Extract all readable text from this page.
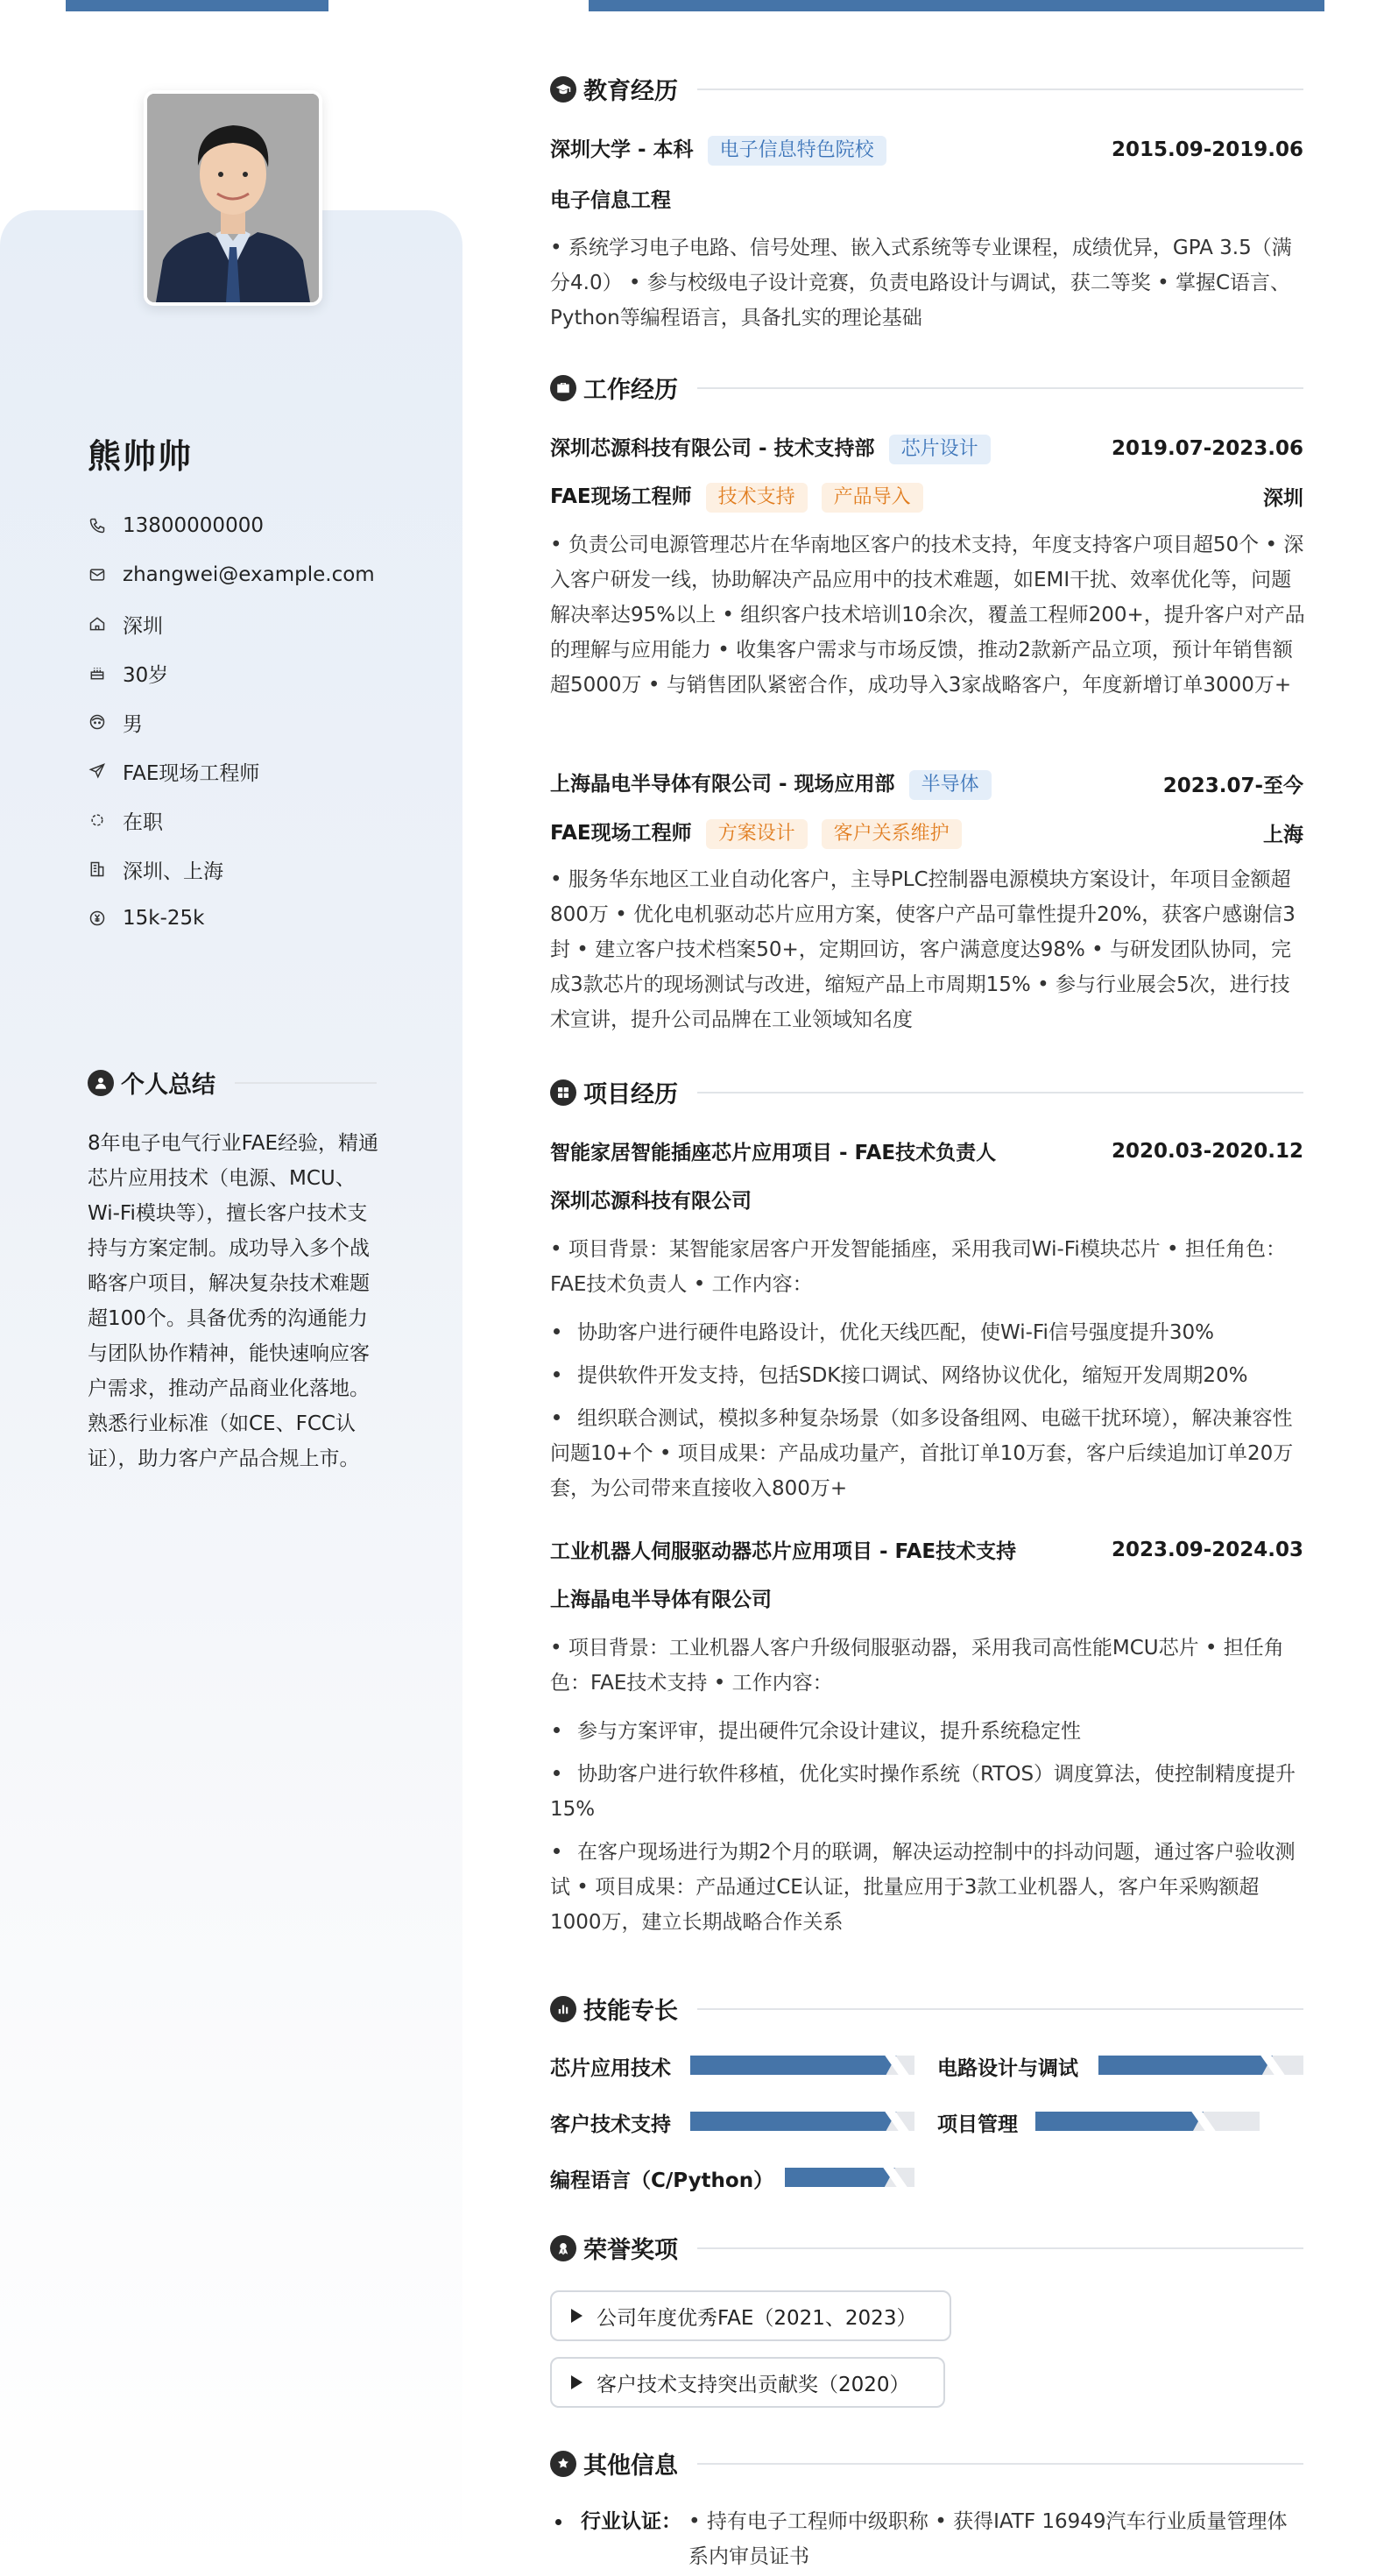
熊帅帅
13800000000
zhangwei@example.com
深圳
30岁
男
FAE现场工程师
在职
深圳、上海
15k-25k
个人总结
8年电子电气行业FAE经验，精通芯片应用技术（电源、MCU、Wi-Fi模块等），擅长客户技术支持与方案定制。成功导入多个战略客户项目，解决复杂技术难题超100个。具备优秀的沟通能力与团队协作精神，能快速响应客户需求，推动产品商业化落地。熟悉行业标准（如CE、FCC认证），助力客户产品合规上市。
教育经历
深圳大学 - 本科 电子信息特色院校	2015.09-2019.06
电子信息工程
• 系统学习电子电路、信号处理、嵌入式系统等专业课程，成绩优异，GPA 3.5（满分4.0） • 参与校级电子设计竞赛，负责电路设计与调试，获二等奖 • 掌握C语言、Python等编程语言，具备扎实的理论基础
工作经历
深圳芯源科技有限公司 - 技术支持部 芯片设计	2019.07-2023.06
FAE现场工程师 技术支持 产品导入	深圳
• 负责公司电源管理芯片在华南地区客户的技术支持，年度支持客户项目超50个 • 深入客户研发一线，协助解决产品应用中的技术难题，如EMI干扰、效率优化等，问题解决率达95%以上 • 组织客户技术培训10余次，覆盖工程师200+，提升客户对产品的理解与应用能力 • 收集客户需求与市场反馈，推动2款新产品立项，预计年销售额超5000万 • 与销售团队紧密合作，成功导入3家战略客户，年度新增订单3000万+
上海晶电半导体有限公司 - 现场应用部 半导体	2023.07-至今
FAE现场工程师 方案设计 客户关系维护	上海
• 服务华东地区工业自动化客户，主导PLC控制器电源模块方案设计，年项目金额超800万 • 优化电机驱动芯片应用方案，使客户产品可靠性提升20%，获客户感谢信3封 • 建立客户技术档案50+，定期回访，客户满意度达98% • 与研发团队协同，完成3款芯片的现场测试与改进，缩短产品上市周期15% • 参与行业展会5次，进行技术宣讲，提升公司品牌在工业领域知名度
项目经历
智能家居智能插座芯片应用项目 - FAE技术负责人	2020.03-2020.12
深圳芯源科技有限公司
• 项目背景：某智能家居客户开发智能插座，采用我司Wi-Fi模块芯片 • 担任角色：FAE技术负责人 • 工作内容：
协助客户进行硬件电路设计，优化天线匹配，使Wi-Fi信号强度提升30%
提供软件开发支持，包括SDK接口调试、网络协议优化，缩短开发周期20%
组织联合测试，模拟多种复杂场景（如多设备组网、电磁干扰环境），解决兼容性问题10+个 • 项目成果：产品成功量产，首批订单10万套，客户后续追加订单20万套，为公司带来直接收入800万+
工业机器人伺服驱动器芯片应用项目 - FAE技术支持	2023.09-2024.03
上海晶电半导体有限公司
• 项目背景：工业机器人客户升级伺服驱动器，采用我司高性能MCU芯片 • 担任角色：FAE技术支持 • 工作内容：
参与方案评审，提出硬件冗余设计建议，提升系统稳定性
协助客户进行软件移植，优化实时操作系统（RTOS）调度算法，使控制精度提升15%
在客户现场进行为期2个月的联调，解决运动控制中的抖动问题，通过客户验收测试 • 项目成果：产品通过CE认证，批量应用于3款工业机器人，客户年采购额超1000万，建立长期战略合作关系
技能专长
芯片应用技术	电路设计与调试
客户技术支持	项目管理
编程语言（C/Python）
荣誉奖项
公司年度优秀FAE（2021、2023）
客户技术支持突出贡献奖（2020）
其他信息
行业认证： • 持有电子工程师中级职称 • 获得IATF 16949汽车行业质量管理体系内审员证书
